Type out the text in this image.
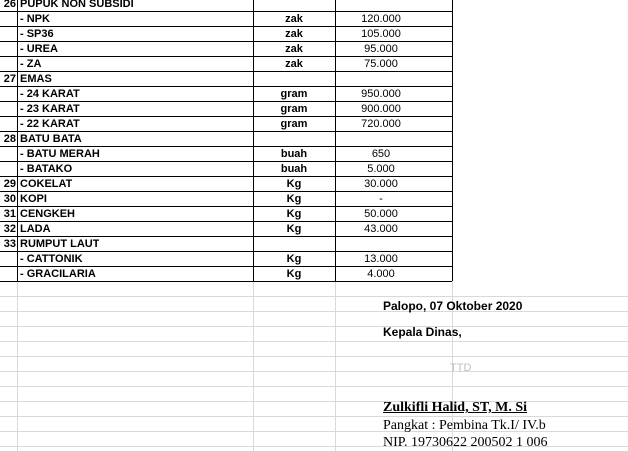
26 PUPUK NON SUBSIDI
- NPK	zak	120.000
- SP36	zak	105.000
- UREA	zak	95.000
- ZA	zak	75.000
27 EMAS
- 24 KARAT	gram	950.000
- 23 KARAT	gram	900.000
- 22 KARAT	gram	720.000
28 BATU BATA
- BATU MERAH	buah	650
- BATAKO	buah	5.000
29 COKELAT	Kg	30.000
30 KOPI	Kg	-
31 CENGKEH	Kg	50.000
32 LADA	Kg	43.000
33 RUMPUT LAUT
- CATTONIK	Kg	13.000
- GRACILARIA	Kg	4.000
Palopo, 07 Oktober 2020
Kepala Dinas,
TTD
Zulkifli Halid, ST, M. Si
Pangkat : Pembina Tk.I/ IV.b
NIP. 19730622 200502 1 006
